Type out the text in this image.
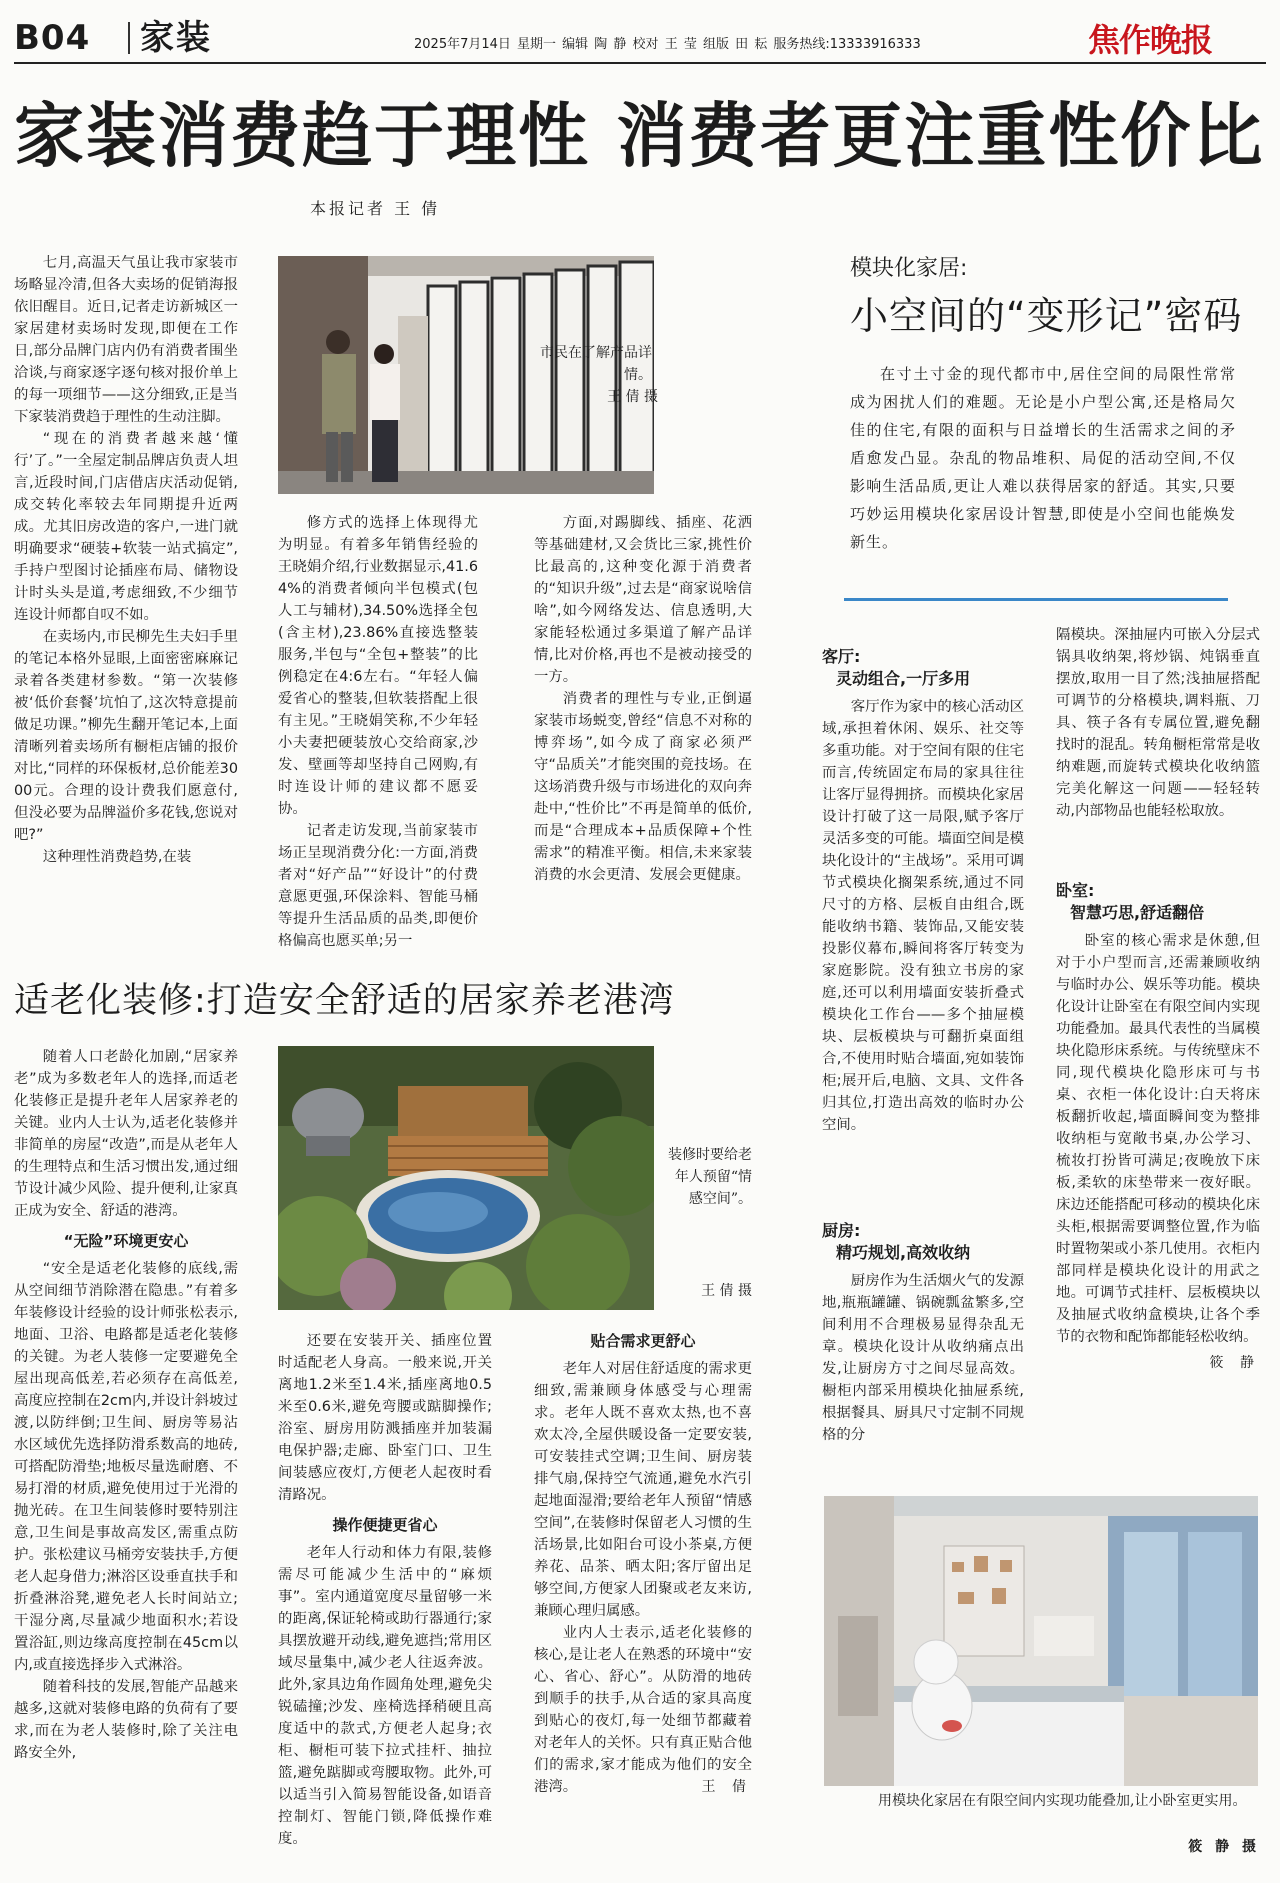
B04 家装	2025年7月14日 星期一 编辑 陶 静 校对 王 莹 组版 田 耘 服务热线:13333916333	焦作晚报
家装消费趋于理性 消费者更注重性价比
本报记者 王 倩

七月,高温天气虽让我市家装市场略显冷清,但各大卖场的促销海报依旧醒目。近日,记者走访新城区一家居建材卖场时发现,即便在工作日,部分品牌门店内仍有消费者围坐洽谈,与商家逐字逐句核对报价单上的每一项细节——这分细致,正是当下家装消费趋于理性的生动注脚。

“现在的消费者越来越‘懂行’了。”一全屋定制品牌店负责人坦言,近段时间,门店借店庆活动促销,成交转化率较去年同期提升近两成。尤其旧房改造的客户,一进门就明确要求“硬装+软装一站式搞定”,手持户型图讨论插座布局、储物设计时头头是道,考虑细致,不少细节连设计师都自叹不如。

在卖场内,市民柳先生夫妇手里的笔记本格外显眼,上面密密麻麻记录着各类建材参数。“第一次装修被‘低价套餐’坑怕了,这次特意提前做足功课。”柳先生翻开笔记本,上面清晰列着卖场所有橱柜店铺的报价对比,“同样的环保板材,总价能差3000元。合理的设计费我们愿意付,但没必要为品牌溢价多花钱,您说对吧?”

这种理性消费趋势,在装

市民在了解产品详情。
王 倩 摄

修方式的选择上体现得尤为明显。有着多年销售经验的王晓娟介绍,行业数据显示,41.64%的消费者倾向半包模式(包人工与辅材),34.50%选择全包(含主材),23.86%直接选整装服务,半包与“全包+整装”的比例稳定在4:6左右。“年轻人偏爱省心的整装,但软装搭配上很有主见。”王晓娟笑称,不少年轻小夫妻把硬装放心交给商家,沙发、壁画等却坚持自己网购,有时连设计师的建议都不愿妥协。

记者走访发现,当前家装市场正呈现消费分化:一方面,消费者对“好产品”“好设计”的付费意愿更强,环保涂料、智能马桶等提升生活品质的品类,即便价格偏高也愿买单;另一

方面,对踢脚线、插座、花洒等基础建材,又会货比三家,挑性价比最高的,这种变化源于消费者的“知识升级”,过去是“商家说啥信啥”,如今网络发达、信息透明,大家能轻松通过多渠道了解产品详情,比对价格,再也不是被动接受的一方。

消费者的理性与专业,正倒逼家装市场蜕变,曾经“信息不对称的博弈场”,如今成了商家必须严守“品质关”才能突围的竞技场。在这场消费升级与市场进化的双向奔赴中,“性价比”不再是简单的低价,而是“合理成本+品质保障+个性需求”的精准平衡。相信,未来家装消费的水会更清、发展会更健康。

模块化家居:
小空间的“变形记”密码

在寸土寸金的现代都市中,居住空间的局限性常常成为困扰人们的难题。无论是小户型公寓,还是格局欠佳的住宅,有限的面积与日益增长的生活需求之间的矛盾愈发凸显。杂乱的物品堆积、局促的活动空间,不仅影响生活品质,更让人难以获得居家的舒适。其实,只要巧妙运用模块化家居设计智慧,即使是小空间也能焕发新生。

客厅:
灵动组合,一厅多用

客厅作为家中的核心活动区域,承担着休闲、娱乐、社交等多重功能。对于空间有限的住宅而言,传统固定布局的家具往往让客厅显得拥挤。而模块化家居设计打破了这一局限,赋予客厅灵活多变的可能。墙面空间是模块化设计的“主战场”。采用可调节式模块化搁架系统,通过不同尺寸的方格、层板自由组合,既能收纳书籍、装饰品,又能安装投影仪幕布,瞬间将客厅转变为家庭影院。没有独立书房的家庭,还可以利用墙面安装折叠式模块化工作台——多个抽屉模块、层板模块与可翻折桌面组合,不使用时贴合墙面,宛如装饰柜;展开后,电脑、文具、文件各归其位,打造出高效的临时办公空间。

厨房:
精巧规划,高效收纳

厨房作为生活烟火气的发源地,瓶瓶罐罐、锅碗瓢盆繁多,空间利用不合理极易显得杂乱无章。模块化设计从收纳痛点出发,让厨房方寸之间尽显高效。橱柜内部采用模块化抽屉系统,根据餐具、厨具尺寸定制不同规格的分

隔模块。深抽屉内可嵌入分层式锅具收纳架,将炒锅、炖锅垂直摆放,取用一目了然;浅抽屉搭配可调节的分格模块,调料瓶、刀具、筷子各有专属位置,避免翻找时的混乱。转角橱柜常常是收纳难题,而旋转式模块化收纳篮完美化解这一问题——轻轻转动,内部物品也能轻松取放。

卧室:
智慧巧思,舒适翻倍

卧室的核心需求是休憩,但对于小户型而言,还需兼顾收纳与临时办公、娱乐等功能。模块化设计让卧室在有限空间内实现功能叠加。最具代表性的当属模块化隐形床系统。与传统壁床不同,现代模块化隐形床可与书桌、衣柜一体化设计:白天将床板翻折收起,墙面瞬间变为整排收纳柜与宽敞书桌,办公学习、梳妆打扮皆可满足;夜晚放下床板,柔软的床垫带来一夜好眠。床边还能搭配可移动的模块化床头柜,根据需要调整位置,作为临时置物架或小茶几使用。衣柜内部同样是模块化设计的用武之地。可调节式挂杆、层板模块以及抽屉式收纳盒模块,让各个季节的衣物和配饰都能轻松收纳。

筱 静
用模块化家居在有限空间内实现功能叠加,让小卧室更实用。
筱 静 摄
适老化装修:打造安全舒适的居家养老港湾

随着人口老龄化加剧,“居家养老”成为多数老年人的选择,而适老化装修正是提升老年人居家养老的关键。业内人士认为,适老化装修并非简单的房屋“改造”,而是从老年人的生理特点和生活习惯出发,通过细节设计减少风险、提升便利,让家真正成为安全、舒适的港湾。

“无险”环境更安心

“安全是适老化装修的底线,需从空间细节消除潜在隐患。”有着多年装修设计经验的设计师张松表示,地面、卫浴、电路都是适老化装修的关键。为老人装修一定要避免全屋出现高低差,若必须存在高低差,高度应控制在2cm内,并设计斜坡过渡,以防绊倒;卫生间、厨房等易沾水区域优先选择防滑系数高的地砖,可搭配防滑垫;地板尽量选耐磨、不易打滑的材质,避免使用过于光滑的抛光砖。在卫生间装修时要特别注意,卫生间是事故高发区,需重点防护。张松建议马桶旁安装扶手,方便老人起身借力;淋浴区设垂直扶手和折叠淋浴凳,避免老人长时间站立;干湿分离,尽量减少地面积水;若设置浴缸,则边缘高度控制在45cm以内,或直接选择步入式淋浴。

随着科技的发展,智能产品越来越多,这就对装修电路的负荷有了要求,而在为老人装修时,除了关注电路安全外,

装修时要给老年人预留“情感空间”。
王 倩 摄

还要在安装开关、插座位置时适配老人身高。一般来说,开关离地1.2米至1.4米,插座离地0.5米至0.6米,避免弯腰或踮脚操作;浴室、厨房用防溅插座并加装漏电保护器;走廊、卧室门口、卫生间装感应夜灯,方便老人起夜时看清路况。

操作便捷更省心

老年人行动和体力有限,装修需尽可能减少生活中的“麻烦事”。室内通道宽度尽量留够一米的距离,保证轮椅或助行器通行;家具摆放避开动线,避免遮挡;常用区域尽量集中,减少老人往返奔波。此外,家具边角作圆角处理,避免尖锐磕撞;沙发、座椅选择稍硬且高度适中的款式,方便老人起身;衣柜、橱柜可装下拉式挂杆、抽拉篮,避免踮脚或弯腰取物。此外,可以适当引入简易智能设备,如语音控制灯、智能门锁,降低操作难度。

贴合需求更舒心

老年人对居住舒适度的需求更细致,需兼顾身体感受与心理需求。老年人既不喜欢太热,也不喜欢太冷,全屋供暖设备一定要安装,可安装挂式空调;卫生间、厨房装排气扇,保持空气流通,避免水汽引起地面湿滑;要给老年人预留“情感空间”,在装修时保留老人习惯的生活场景,比如阳台可设小茶桌,方便养花、品茶、晒太阳;客厅留出足够空间,方便家人团聚或老友来访,兼顾心理归属感。

业内人士表示,适老化装修的核心,是让老人在熟悉的环境中“安心、省心、舒心”。从防滑的地砖到顺手的扶手,从合适的家具高度到贴心的夜灯,每一处细节都藏着对老年人的关怀。只有真正贴合他们的需求,家才能成为他们的安全港湾。	王 倩
